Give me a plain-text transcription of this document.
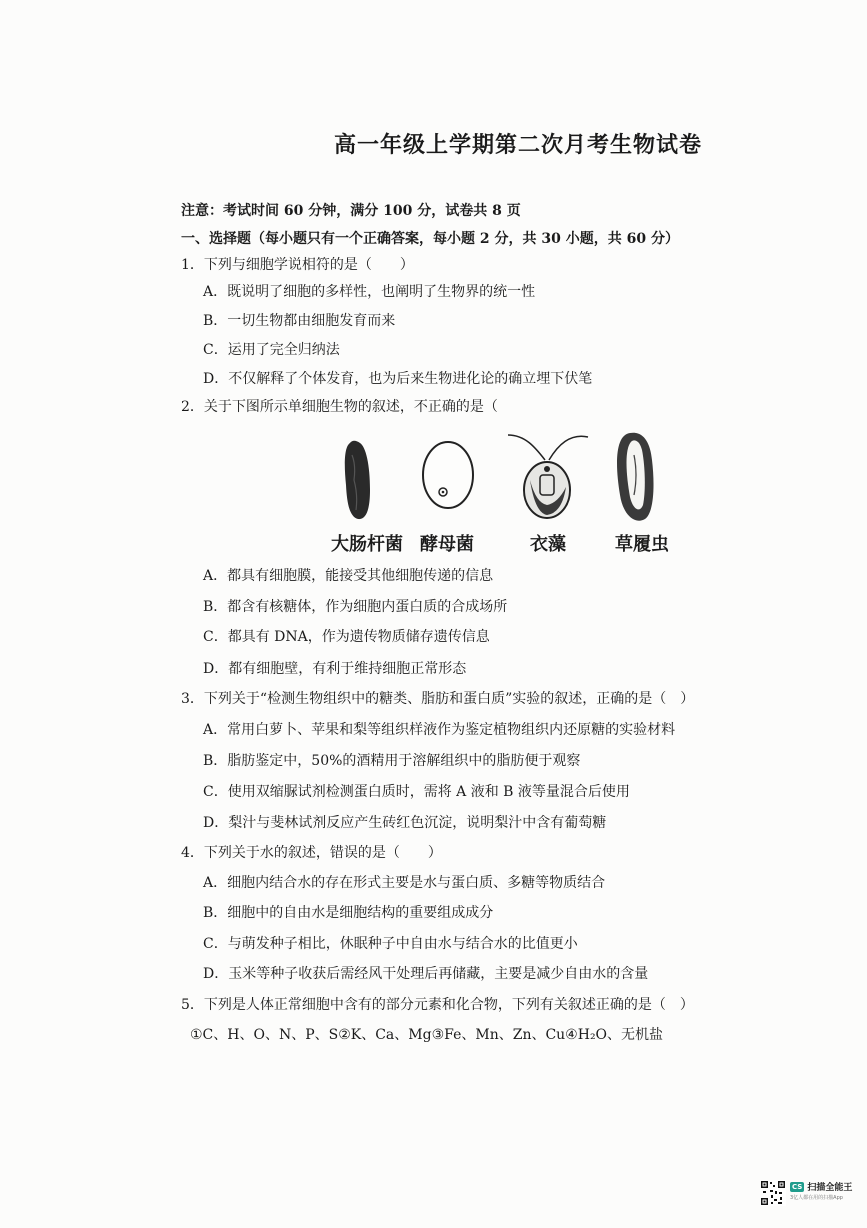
高一年级上学期第二次月考生物试卷
注意：考试时间 60 分钟，满分 100 分，试卷共 8 页
一、选择题（每小题只有一个正确答案，每小题 2 分，共 30 小题，共 60 分）
1．下列与细胞学说相符的是（　　）
A．既说明了细胞的多样性，也阐明了生物界的统一性
B．一切生物都由细胞发育而来
C．运用了完全归纳法
D．不仅解释了个体发育，也为后来生物进化论的确立埋下伏笔
2．关于下图所示单细胞生物的叙述，不正确的是（
大肠杆菌 酵母菌	衣藻	草履虫
A．都具有细胞膜，能接受其他细胞传递的信息
B．都含有核糖体，作为细胞内蛋白质的合成场所
C．都具有 DNA，作为遗传物质储存遗传信息
D．都有细胞壁，有利于维持细胞正常形态
3．下列关于“检测生物组织中的糖类、脂肪和蛋白质”实验的叙述，正确的是（　）
A．常用白萝卜、苹果和梨等组织样液作为鉴定植物组织内还原糖的实验材料
B．脂肪鉴定中，50%的酒精用于溶解组织中的脂肪便于观察
C．使用双缩脲试剂检测蛋白质时，需将 A 液和 B 液等量混合后使用
D．梨汁与斐林试剂反应产生砖红色沉淀，说明梨汁中含有葡萄糖
4．下列关于水的叙述，错误的是（　　）
A．细胞内结合水的存在形式主要是水与蛋白质、多糖等物质结合
B．细胞中的自由水是细胞结构的重要组成成分
C．与萌发种子相比，休眠种子中自由水与结合水的比值更小
D．玉米等种子收获后需经风干处理后再储藏，主要是减少自由水的含量
5．下列是人体正常细胞中含有的部分元素和化合物，下列有关叙述正确的是（　）
①C、H、O、N、P、S②K、Ca、Mg③Fe、Mn、Zn、Cu④H₂O、无机盐
CS 扫描全能王
3亿人都在用的扫描App
